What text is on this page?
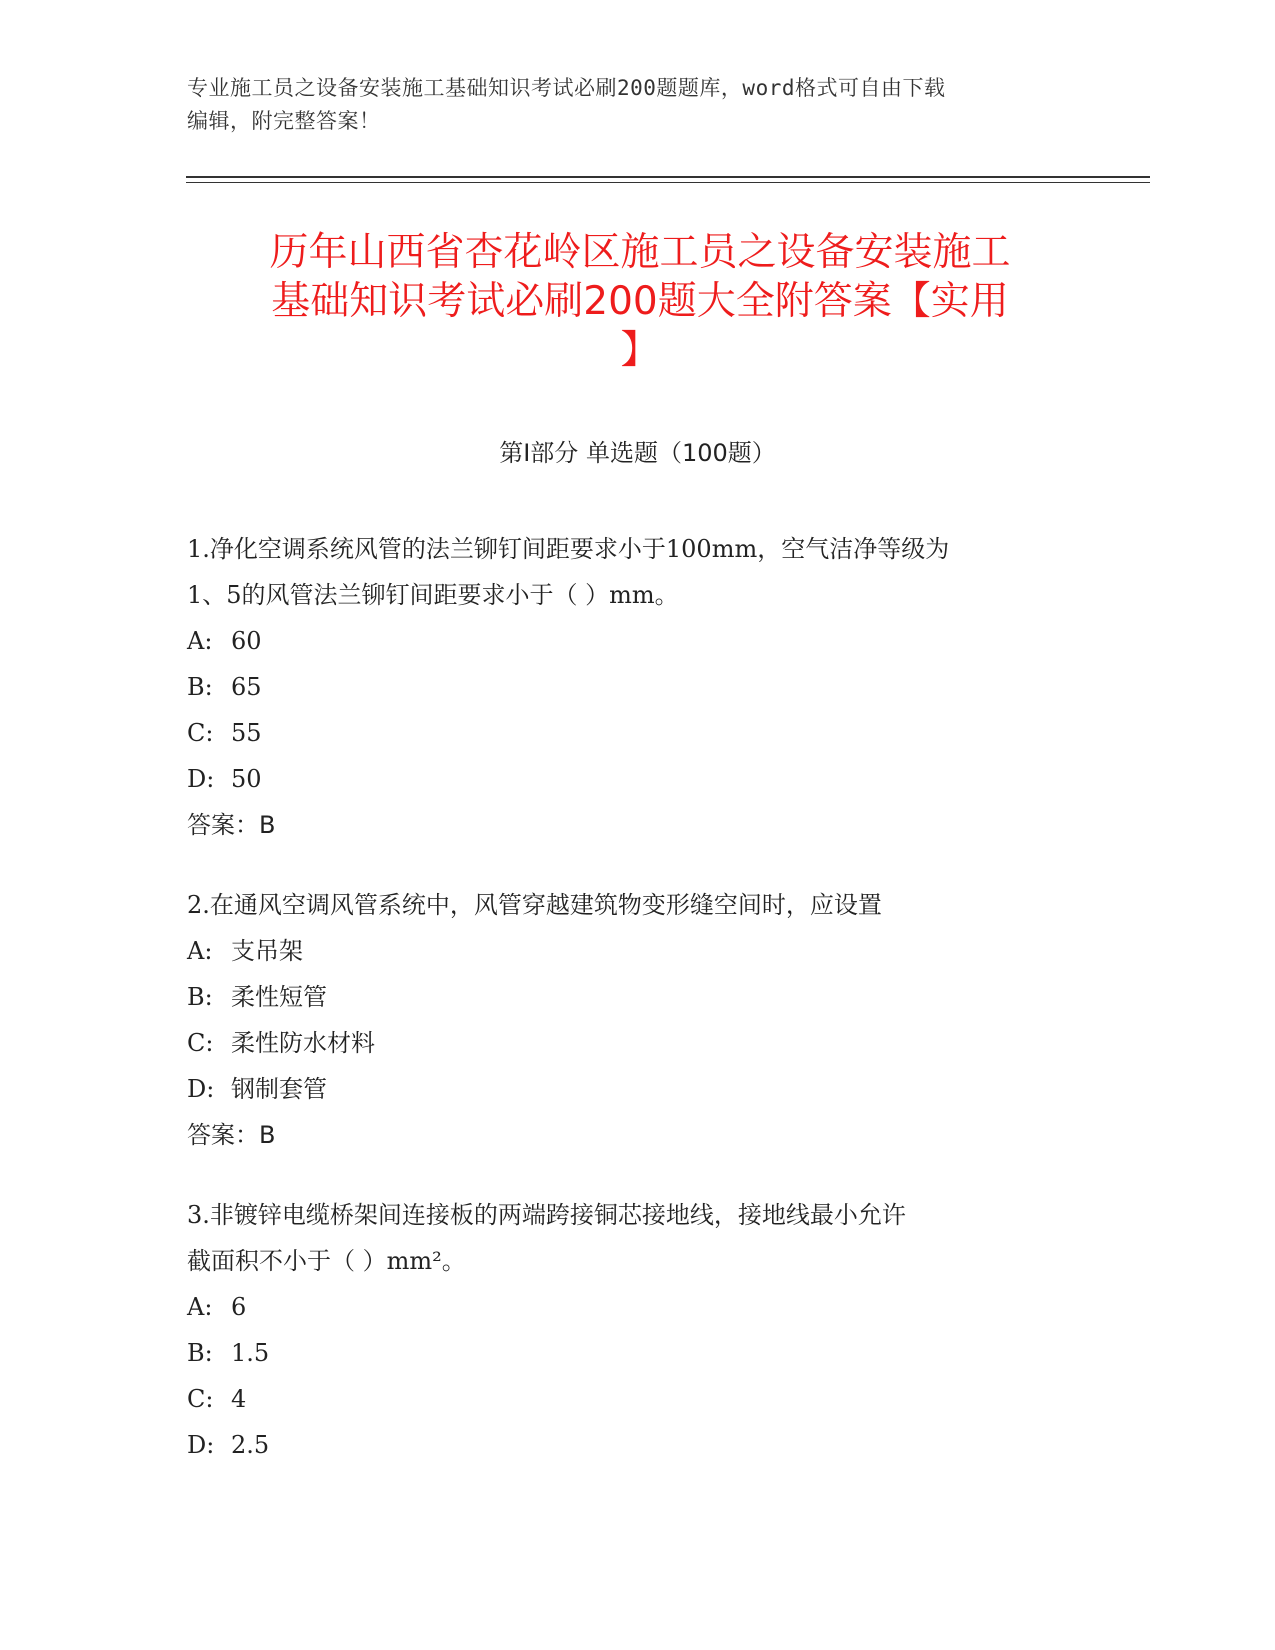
专业施工员之设备安装施工基础知识考试必刷200题题库，word格式可自由下载
编辑，附完整答案！
历年山西省杏花岭区施工员之设备安装施工
基础知识考试必刷200题大全附答案【实用
】
第Ⅰ部分 单选题（100题）

1.净化空调系统风管的法兰铆钉间距要求小于100mm，空气洁净等级为

1、5的风管法兰铆钉间距要求小于（ ）mm。

A: 60

B: 65

C: 55

D: 50

答案：B

2.在通风空调风管系统中，风管穿越建筑物变形缝空间时，应设置

A: 支吊架

B: 柔性短管

C: 柔性防水材料

D: 钢制套管

答案：B

3.非镀锌电缆桥架间连接板的两端跨接铜芯接地线，接地线最小允许

截面积不小于（ ）mm²。

A: 6

B: 1.5

C: 4

D: 2.5
